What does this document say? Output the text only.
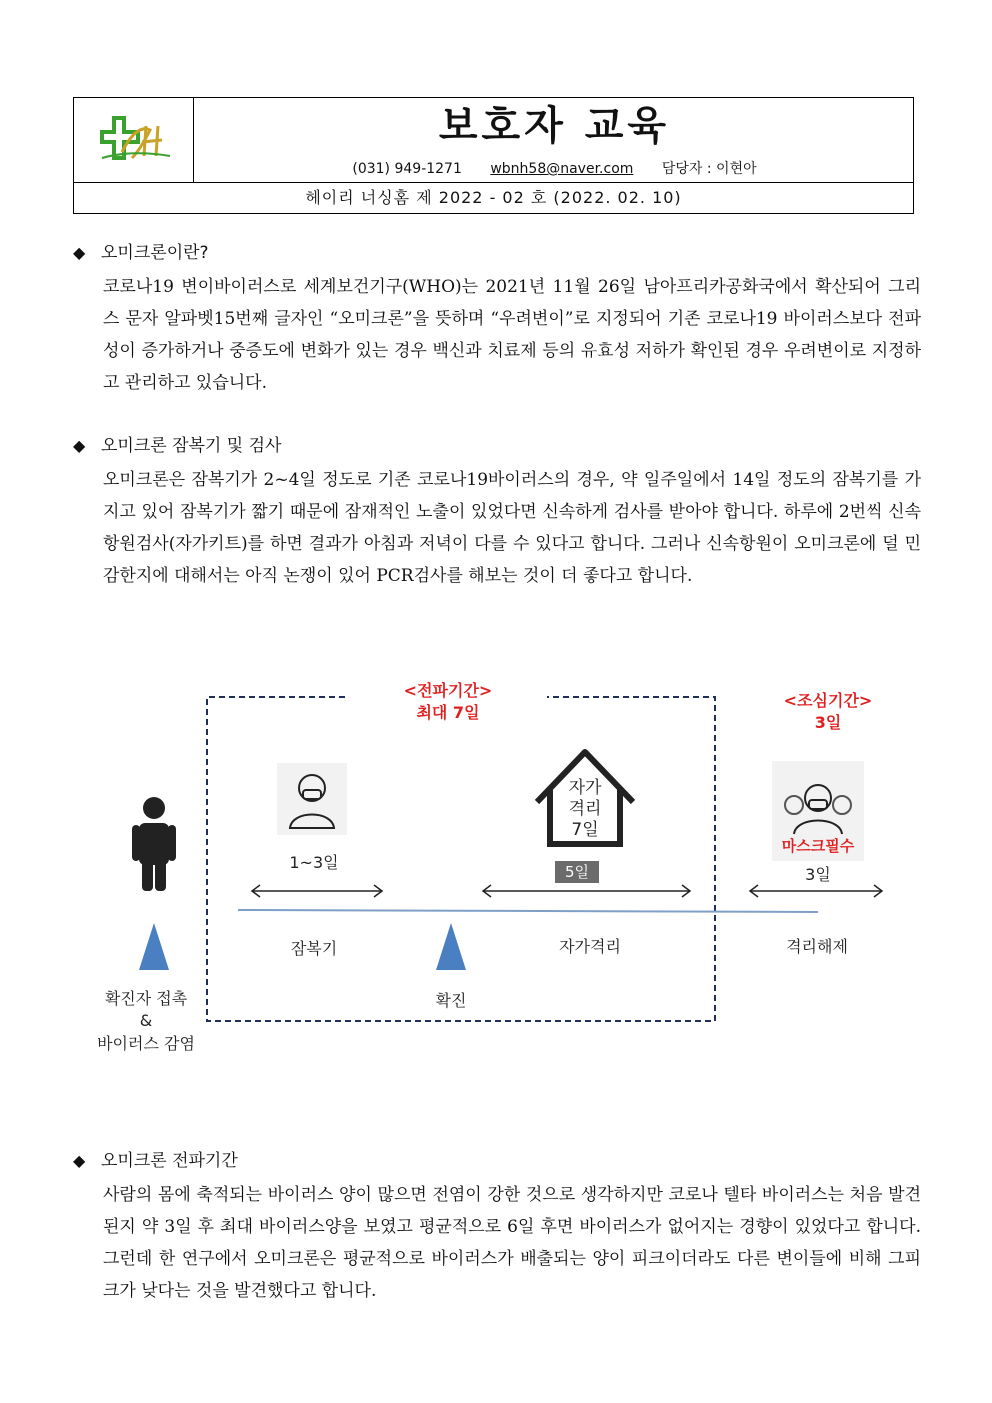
보호자 교육
(031) 949-1271 wbnh58@naver.com 담당자 : 이현아
헤이리 너싱홈 제 2022 - 02 호 (2022. 02. 10)
◆ 오미크론이란?
코로나19 변이바이러스로 세계보건기구(WHO)는 2021년 11월 26일 남아프리카공화국에서 확산되어 그리스 문자 알파벳15번째 글자인 “오미크론”을 뜻하며 “우려변이”로 지정되어 기존 코로나19 바이러스보다 전파성이 증가하거나 중증도에 변화가 있는 경우 백신과 치료제 등의 유효성 저하가 확인된 경우 우려변이로 지정하고 관리하고 있습니다.
◆ 오미크론 잠복기 및 검사
오미크론은 잠복기가 2~4일 정도로 기존 코로나19바이러스의 경우, 약 일주일에서 14일 정도의 잠복기를 가지고 있어 잠복기가 짧기 때문에 잠재적인 노출이 있었다면 신속하게 검사를 받아야 합니다. 하루에 2번씩 신속항원검사(자가키트)를 하면 결과가 아침과 저녁이 다를 수 있다고 합니다. 그러나 신속항원이 오미크론에 덜 민감한지에 대해서는 아직 논쟁이 있어 PCR검사를 해보는 것이 더 좋다고 합니다.
<전파기간>
최대 7일
<조심기간>
3일
1~3일
자가
격리
7일
5일
마스크필수
3일
잠복기	자가격리	격리해제
확진
확진자 접촉
&
바이러스 감염
◆ 오미크론 전파기간
사람의 몸에 축적되는 바이러스 양이 많으면 전염이 강한 것으로 생각하지만 코로나 텔타 바이러스는 처음 발견된지 약 3일 후 최대 바이러스양을 보였고 평균적으로 6일 후면 바이러스가 없어지는 경향이 있었다고 합니다. 그런데 한 연구에서 오미크론은 평균적으로 바이러스가 배출되는 양이 피크이더라도 다른 변이들에 비해 그피크가 낮다는 것을 발견했다고 합니다.
